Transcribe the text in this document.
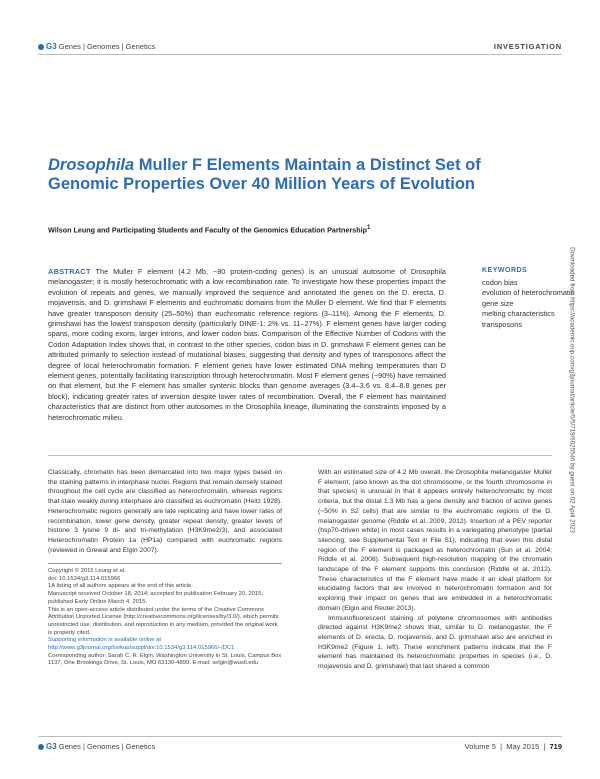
G3 Genes | Genomes | Genetics	INVESTIGATION
Drosophila Muller F Elements Maintain a Distinct Set of Genomic Properties Over 40 Million Years of Evolution
Wilson Leung and Participating Students and Faculty of the Genomics Education Partnership$^1$

ABSTRACT The Muller F element (4.2 Mb, ~80 protein-coding genes) is an unusual autosome of Drosophila melanogaster; it is mostly heterochromatic with a low recombination rate. To investigate how these properties impact the evolution of repeats and genes, we manually improved the sequence and annotated the genes on the D. erecta, D. mojavensis, and D. grimshawi F elements and euchromatic domains from the Muller D element. We find that F elements have greater transposon density (25–50%) than euchromatic reference regions (3–11%). Among the F elements, D. grimshawi has the lowest transposon density (particularly DINE-1: 2% vs. 11–27%). F element genes have larger coding spans, more coding exons, larger introns, and lower codon bias. Comparison of the Effective Number of Codons with the Codon Adaptation Index shows that, in contrast to the other species, codon bias in D. grimshawi F element genes can be attributed primarily to selection instead of mutational biases, suggesting that density and types of transposons affect the degree of local heterochromatin formation. F element genes have lower estimated DNA melting temperatures than D element genes, potentially facilitating transcription through heterochromatin. Most F element genes (~90%) have remained on that element, but the F element has smaller syntenic blocks than genome averages (3.4–3.6 vs. 8.4–8.8 genes per block), indicating greater rates of inversion despite lower rates of recombination. Overall, the F element has maintained characteristics that are distinct from other autosomes in the Drosophila lineage, illuminating the constraints imposed by a heterochromatic milieu.

KEYWORDS
codon bias
evolution of heterochromatin
gene size
melting characteristics
transposons

Classically, chromatin has been demarcated into two major types based on the staining patterns in interphase nuclei. Regions that remain densely stained throughout the cell cycle are classified as heterochromatin, whereas regions that stain weakly during interphase are classified as euchromatin (Heitz 1928). Heterochromatic regions generally are late replicating and have lower rates of recombination, lower gene density, greater repeat density, greater levels of histone 3 lysine 9 di- and tri-methylation (H3K9me2/3), and associated Heterochromatin Protein 1a (HP1a) compared with euchromatic regions (reviewed in Grewal and Elgin 2007).

Copyright © 2015 Leung et al.

doi: 10.1534/g3.114.015966

1A listing of all authors appears at the end of this article.

Manuscript received October 18, 2014; accepted for publication February 20, 2015; published Early Online March 4, 2015.

This is an open-access article distributed under the terms of the Creative Commons Attribution Unported License (http://creativecommons.org/licenses/by/3.0/), which permits unrestricted use, distribution, and reproduction in any medium, provided the original work is properly cited.

Supporting information is available online at http://www.g3journal.org/lookup/suppl/doi:10.1534/g3.114.015966/-/DC1

Corresponding author: Sarah C. R. Elgin, Washington University in St. Louis, Campus Box 1137, One Brookings Drive, St. Louis, MO 63130-4899. E-mail: selgin@wustl.edu

With an estimated size of 4.2 Mb overall, the Drosophila melanogaster Muller F element, (also known as the dot chromosome, or the fourth chromosome in that species) is unusual in that it appears entirely heterochromatic by most criteria, but the distal 1.3 Mb has a gene density and fraction of active genes (~50% in S2 cells) that are similar to the euchromatic regions of the D. melanogaster genome (Riddle et al. 2009, 2012). Insertion of a PEV reporter (hsp70-driven white) in most cases results in a variegating phenotype (partial silencing; see Supplemental Text in File S1), indicating that even this distal region of the F element is packaged as heterochromatin (Sun et al. 2004; Riddle et al. 2008). Subsequent high-resolution mapping of the chromatin landscape of the F element supports this conclusion (Riddle et al. 2012). These characteristics of the F element have made it an ideal platform for elucidating factors that are involved in heterochromatin formation and for exploring their impact on genes that are embedded in a heterochromatic domain (Elgin and Reuter 2013).

Immunofluorescent staining of polytene chromosomes with antibodies directed against H3K9me2 shows that, similar to D. melanogaster, the F elements of D. erecta, D. mojavensis, and D. grimshawi also are enriched in H3K9me2 (Figure 1, left). These enrichment patterns indicate that the F element has maintained its heterochromatic properties in species (i.e., D. mojavensis and D. grimshawi) that last shared a common

G3 Genes | Genomes | Genetics	Volume 5  |  May 2015  |  719
Downloaded from https://academic.oup.com/g3journal/article/5/5/719/6025546 by guest on 02 April 2023
